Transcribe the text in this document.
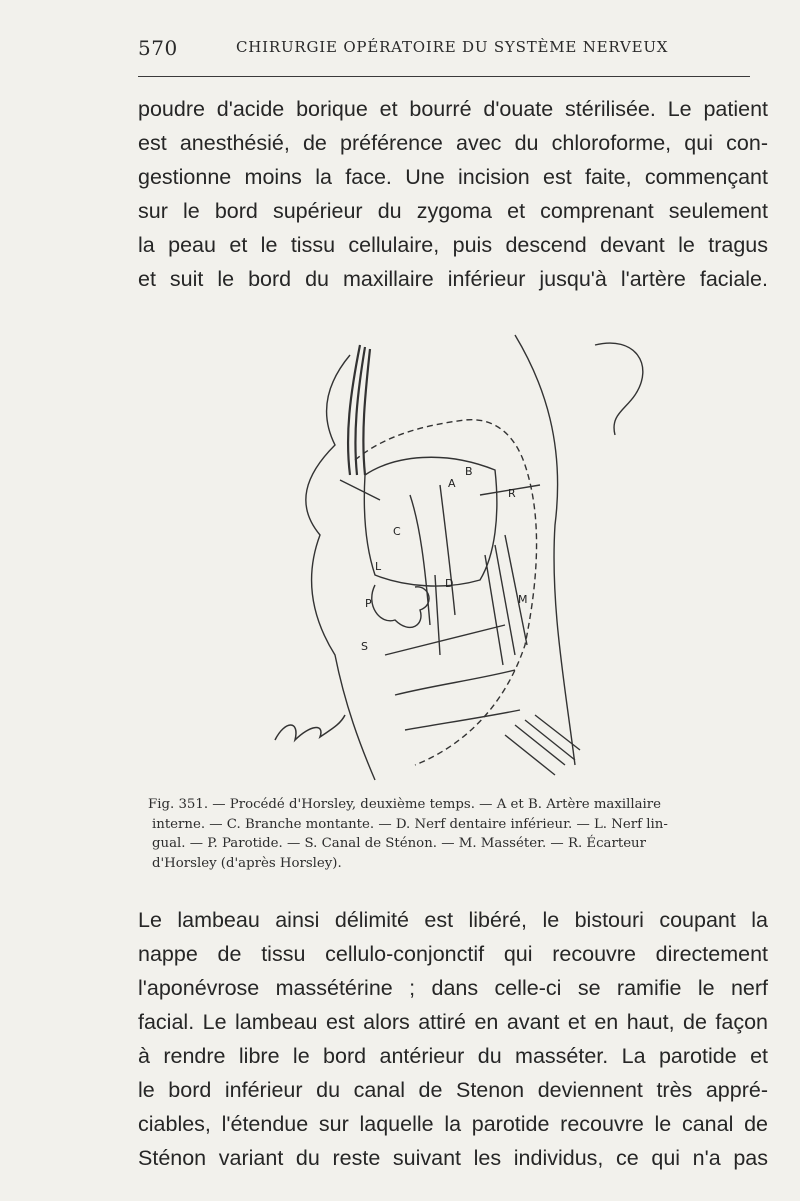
570	CHIRURGIE OPÉRATOIRE DU SYSTÈME NERVEUX
poudre d'acide borique et bourré d'ouate stérilisée. Le patient
est anesthésié, de préférence avec du chloroforme, qui con-
gestionne moins la face. Une incision est faite, commençant
sur le bord supérieur du zygoma et comprenant seulement
la peau et le tissu cellulaire, puis descend devant le tragus
et suit le bord du maxillaire inférieur jusqu'à l'artère faciale.
A
B
C
D
R
L
M
P
S
Fig. 351. — Procédé d'Horsley, deuxième temps. — A et B. Artère maxillaire
interne. — C. Branche montante. — D. Nerf dentaire inférieur. — L. Nerf lin-
gual. — P. Parotide. — S. Canal de Sténon. — M. Masséter. — R. Écarteur
d'Horsley (d'après Horsley).
Le lambeau ainsi délimité est libéré, le bistouri coupant la
nappe de tissu cellulo-conjonctif qui recouvre directement
l'aponévrose massétérine ; dans celle-ci se ramifie le nerf
facial. Le lambeau est alors attiré en avant et en haut, de façon
à rendre libre le bord antérieur du masséter. La parotide et
le bord inférieur du canal de Stenon deviennent très appré-
ciables, l'étendue sur laquelle la parotide recouvre le canal de
Sténon variant du reste suivant les individus, ce qui n'a pas
